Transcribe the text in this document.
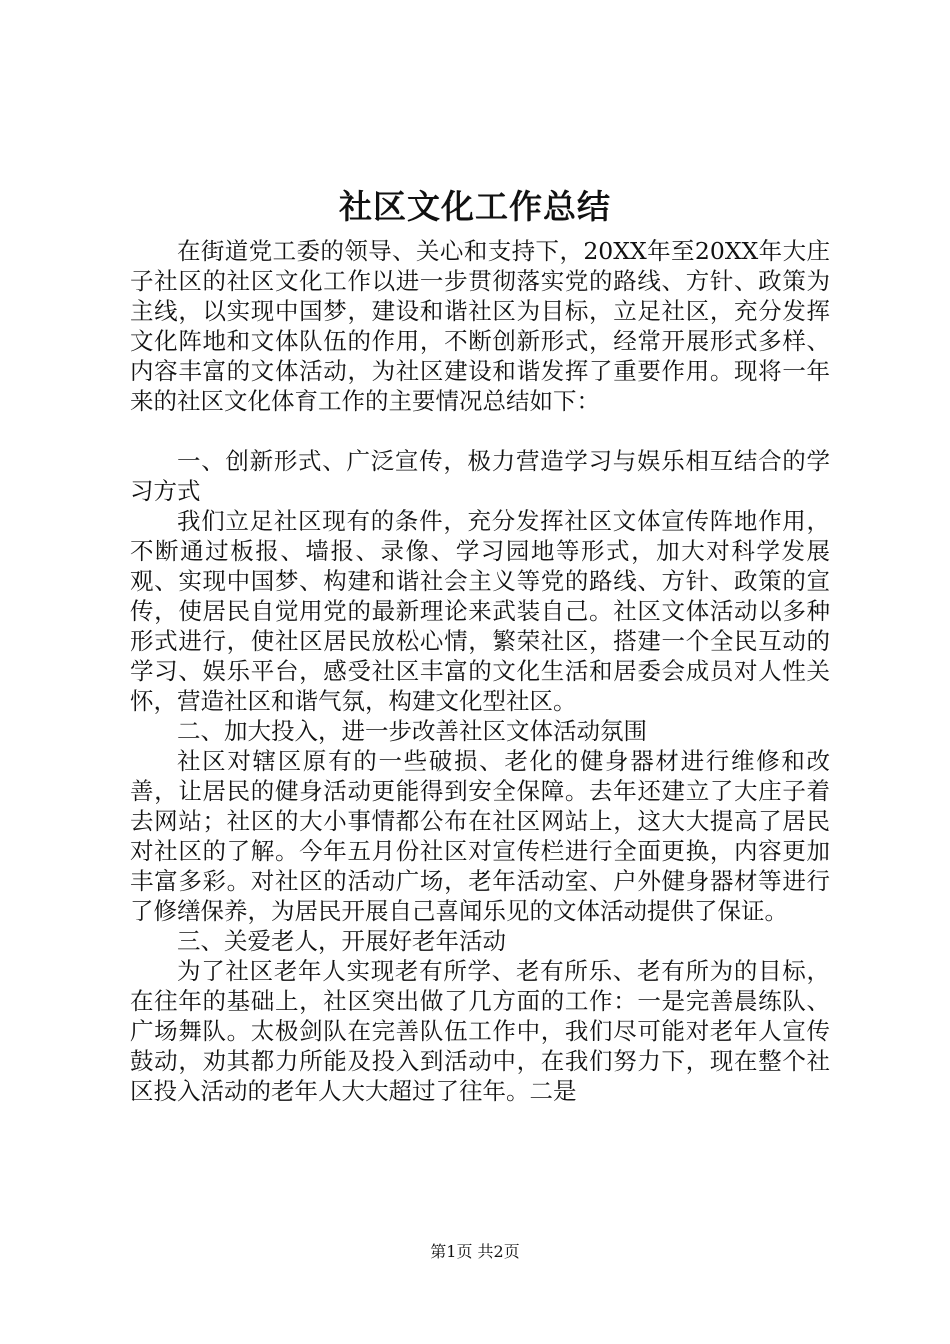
社区文化工作总结

在街道党工委的领导、关心和支持下，20XX年至20XX年大庄子社区的社区文化工作以进一步贯彻落实党的路线、方针、政策为主线，以实现中国梦，建设和谐社区为目标，立足社区，充分发挥文化阵地和文体队伍的作用，不断创新形式，经常开展形式多样、内容丰富的文体活动，为社区建设和谐发挥了重要作用。现将一年来的社区文化体育工作的主要情况总结如下：

一、创新形式、广泛宣传，极力营造学习与娱乐相互结合的学习方式

我们立足社区现有的条件，充分发挥社区文体宣传阵地作用，不断通过板报、墙报、录像、学习园地等形式，加大对科学发展观、实现中国梦、构建和谐社会主义等党的路线、方针、政策的宣传，使居民自觉用党的最新理论来武装自己。社区文体活动以多种形式进行，使社区居民放松心情，繁荣社区，搭建一个全民互动的学习、娱乐平台，感受社区丰富的文化生活和居委会成员对人性关怀，营造社区和谐气氛，构建文化型社区。

二、加大投入，进一步改善社区文体活动氛围

社区对辖区原有的一些破损、老化的健身器材进行维修和改善，让居民的健身活动更能得到安全保障。去年还建立了大庄子着去网站；社区的大小事情都公布在社区网站上，这大大提高了居民对社区的了解。今年五月份社区对宣传栏进行全面更换，内容更加丰富多彩。对社区的活动广场，老年活动室、户外健身器材等进行了修缮保养，为居民开展自己喜闻乐见的文体活动提供了保证。

三、关爱老人，开展好老年活动

为了社区老年人实现老有所学、老有所乐、老有所为的目标，在往年的基础上，社区突出做了几方面的工作：一是完善晨练队、广场舞队。太极剑队在完善队伍工作中，我们尽可能对老年人宣传鼓动，劝其都力所能及投入到活动中，在我们努力下，现在整个社区投入活动的老年人大大超过了往年。二是

第1页 共2页
